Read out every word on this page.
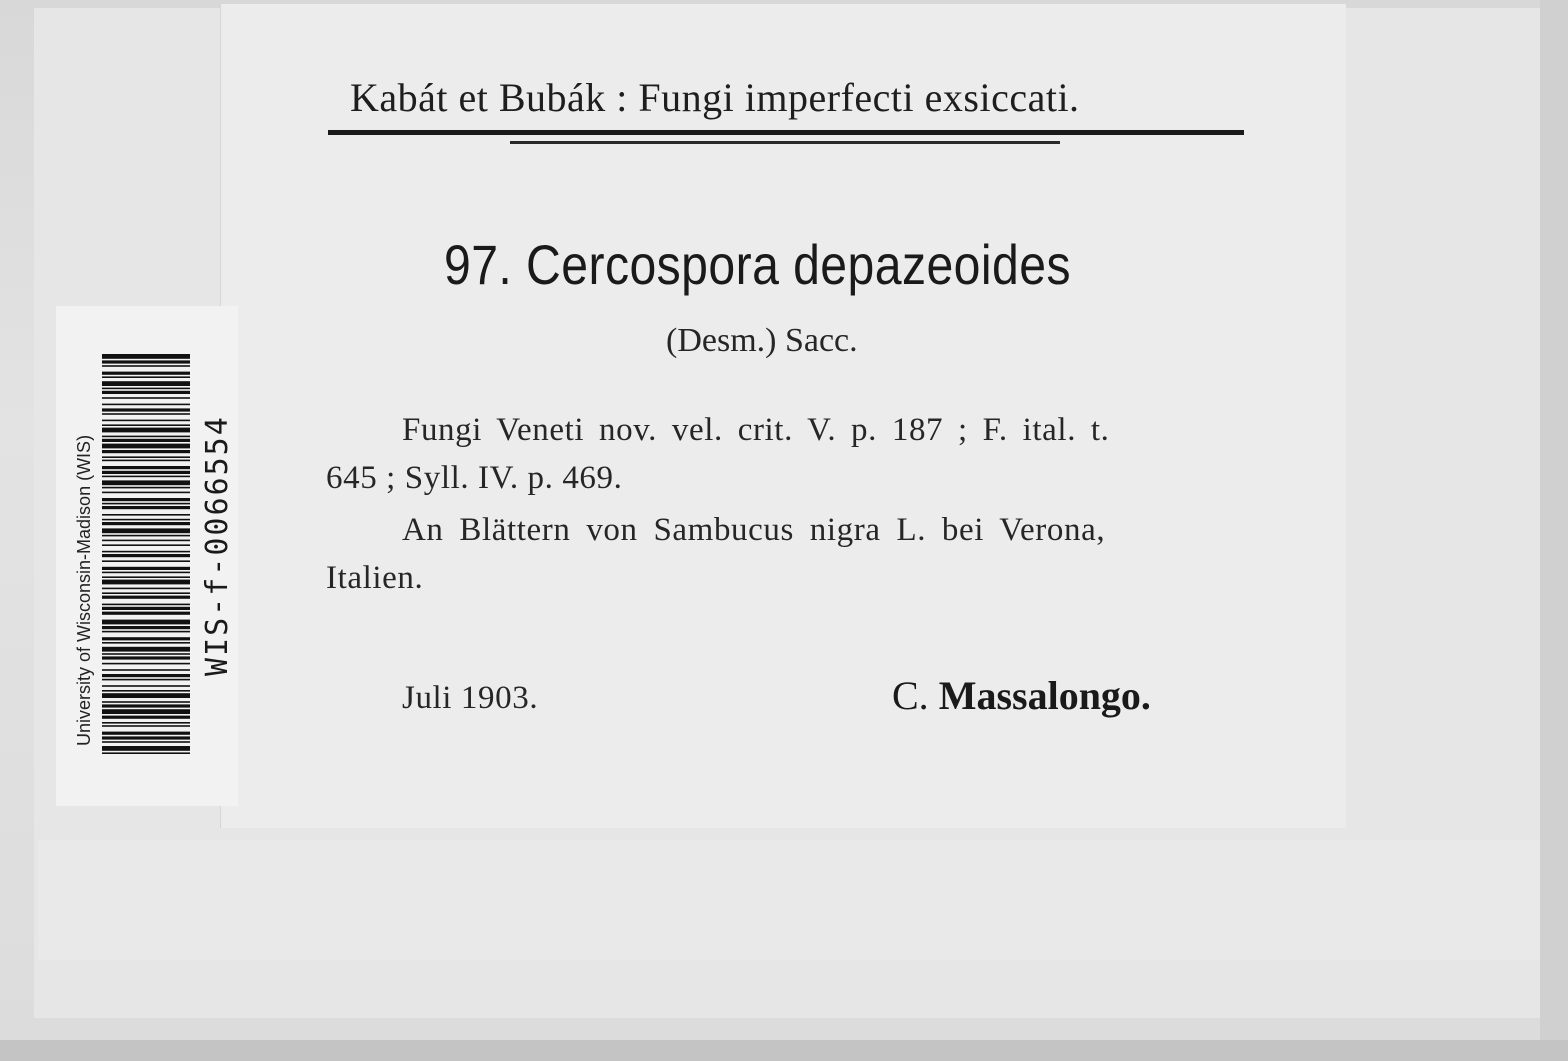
Kabát et Bubák : Fungi imperfecti exsiccati.
97. Cercospora depazeoides
(Desm.) Sacc.
Fungi Veneti nov. vel. crit. V. p. 187 ; F. ital. t.
645 ; Syll. IV. p. 469.
An Blättern von Sambucus nigra L. bei Verona,
Italien.
Juli 1903.	C. Massalongo.
University of Wisconsin-Madison (WIS)	WIS-f-0066554
